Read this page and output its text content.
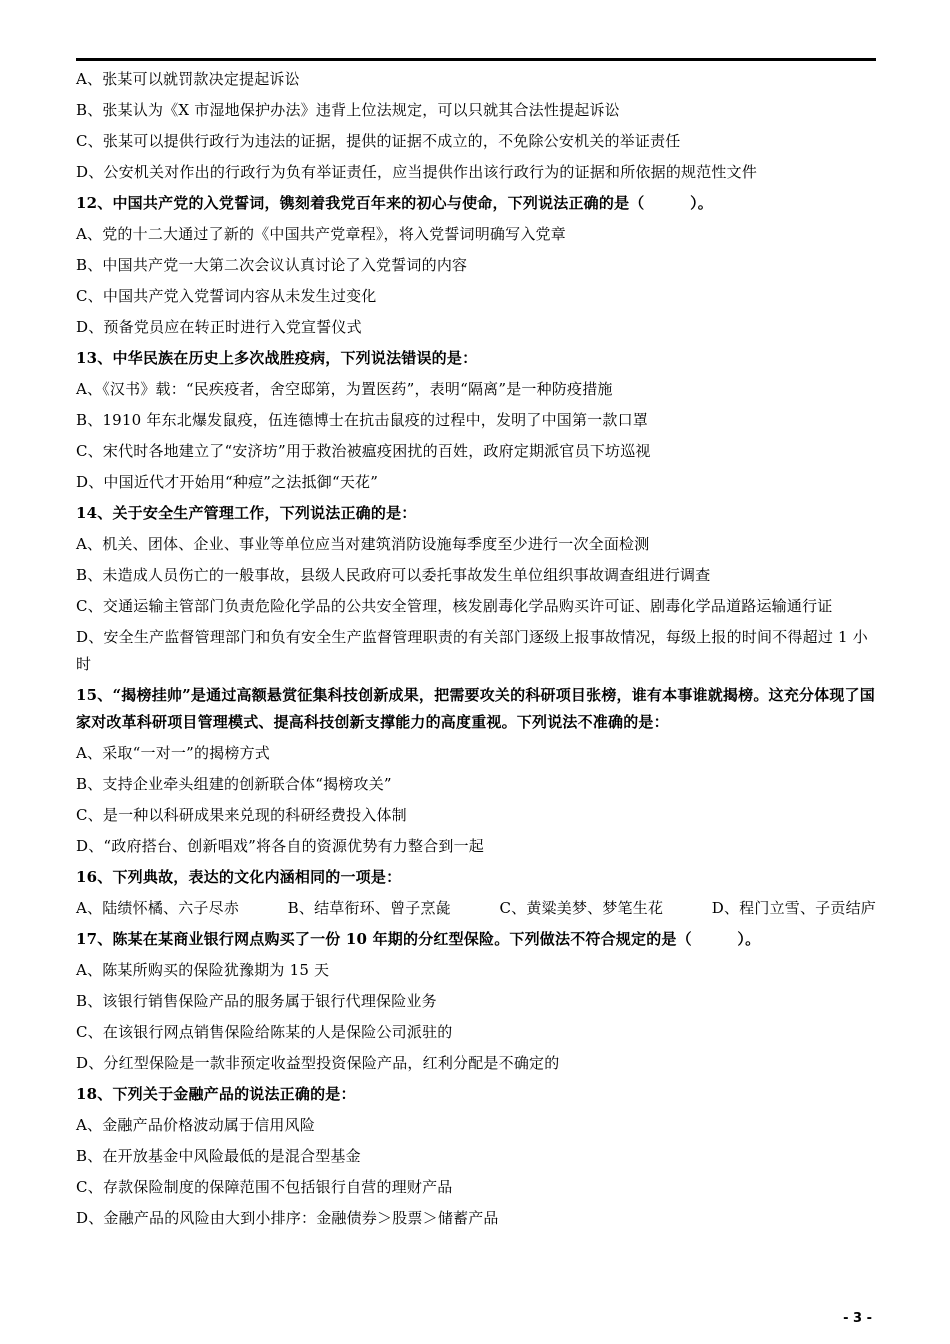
A、张某可以就罚款决定提起诉讼
B、张某认为《X 市湿地保护办法》违背上位法规定，可以只就其合法性提起诉讼
C、张某可以提供行政行为违法的证据，提供的证据不成立的，不免除公安机关的举证责任
D、公安机关对作出的行政行为负有举证责任，应当提供作出该行政行为的证据和所依据的规范性文件
12、中国共产党的入党誓词，镌刻着我党百年来的初心与使命，下列说法正确的是（　　　）。
A、党的十二大通过了新的《中国共产党章程》，将入党誓词明确写入党章
B、中国共产党一大第二次会议认真讨论了入党誓词的内容
C、中国共产党入党誓词内容从未发生过变化
D、预备党员应在转正时进行入党宣誓仪式
13、中华民族在历史上多次战胜疫病，下列说法错误的是：
A、《汉书》载：“民疾疫者，舍空邸第，为置医药”，表明“隔离”是一种防疫措施
B、1910 年东北爆发鼠疫，伍连德博士在抗击鼠疫的过程中，发明了中国第一款口罩
C、宋代时各地建立了“安济坊”用于救治被瘟疫困扰的百姓，政府定期派官员下坊巡视
D、中国近代才开始用“种痘”之法抵御“天花”
14、关于安全生产管理工作，下列说法正确的是：
A、机关、团体、企业、事业等单位应当对建筑消防设施每季度至少进行一次全面检测
B、未造成人员伤亡的一般事故，县级人民政府可以委托事故发生单位组织事故调查组进行调查
C、交通运输主管部门负责危险化学品的公共安全管理，核发剧毒化学品购买许可证、剧毒化学品道路运输通行证
D、安全生产监督管理部门和负有安全生产监督管理职责的有关部门逐级上报事故情况，每级上报的时间不得超过 1 小时
15、“揭榜挂帅”是通过高额悬赏征集科技创新成果，把需要攻关的科研项目张榜，谁有本事谁就揭榜。这充分体现了国家对改革科研项目管理模式、提高科技创新支撑能力的高度重视。下列说法不准确的是：
A、采取“一对一”的揭榜方式
B、支持企业牵头组建的创新联合体“揭榜攻关”
C、是一种以科研成果来兑现的科研经费投入体制
D、“政府搭台、创新唱戏”将各自的资源优势有力整合到一起
16、下列典故，表达的文化内涵相同的一项是：
A、陆绩怀橘、六子尽赤	B、结草衔环、曾子烹彘	C、黄粱美梦、梦笔生花	D、程门立雪、子贡结庐
17、陈某在某商业银行网点购买了一份 10 年期的分红型保险。下列做法不符合规定的是（　　　）。
A、陈某所购买的保险犹豫期为 15 天
B、该银行销售保险产品的服务属于银行代理保险业务
C、在该银行网点销售保险给陈某的人是保险公司派驻的
D、分红型保险是一款非预定收益型投资保险产品，红利分配是不确定的
18、下列关于金融产品的说法正确的是：
A、金融产品价格波动属于信用风险
B、在开放基金中风险最低的是混合型基金
C、存款保险制度的保障范围不包括银行自营的理财产品
D、金融产品的风险由大到小排序：金融债券＞股票＞储蓄产品
- 3 -
